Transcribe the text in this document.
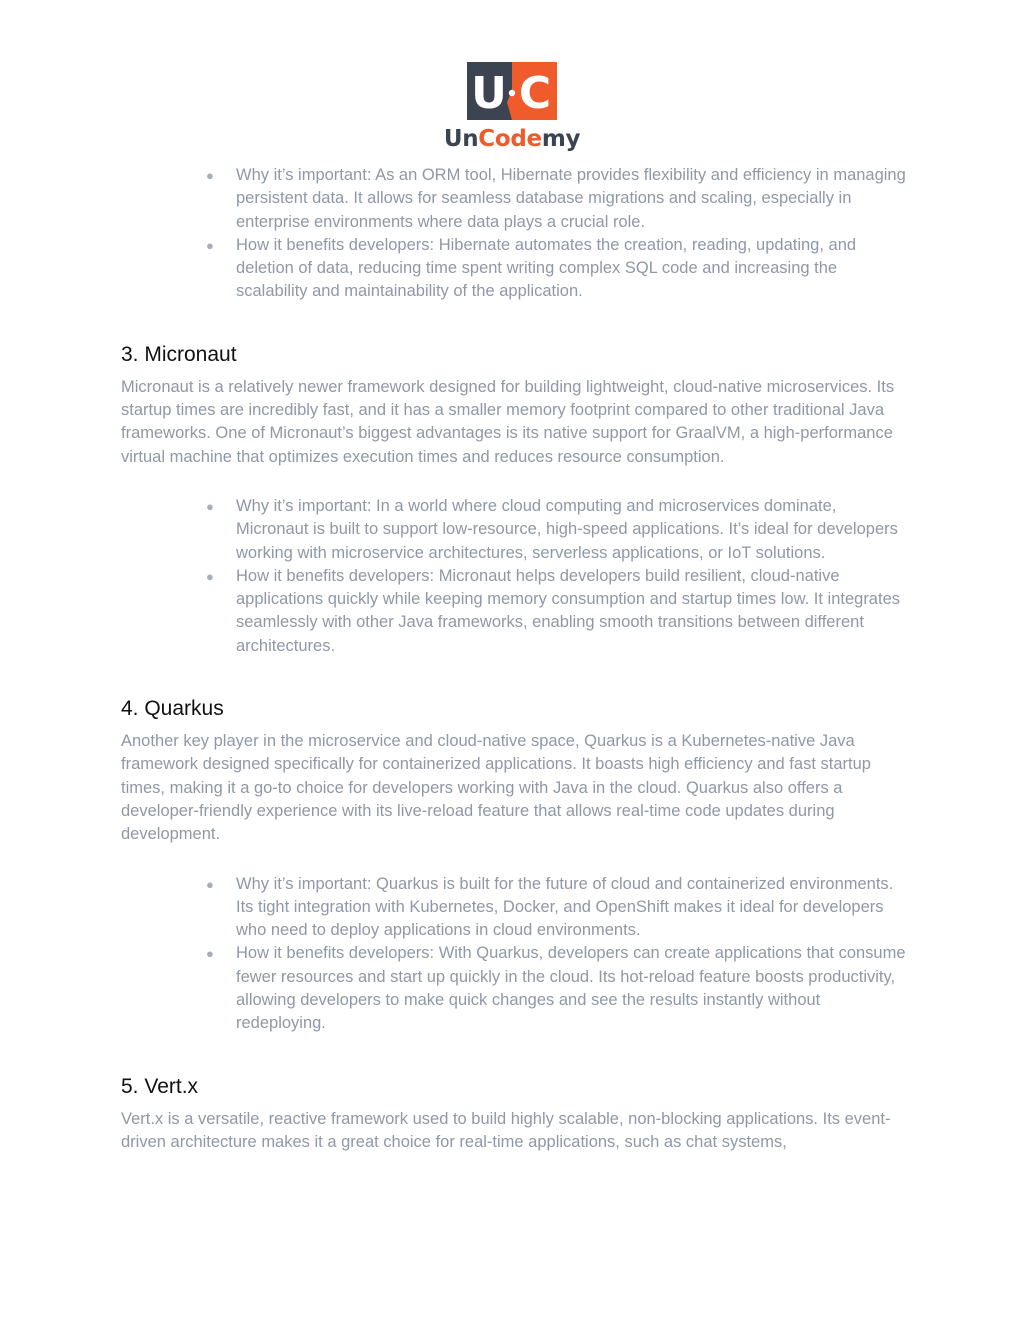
U C
UnCodemy
● Why it’s important: As an ORM tool, Hibernate provides flexibility and efficiency in managing persistent data. It allows for seamless database migrations and scaling, especially in enterprise environments where data plays a crucial role.
● How it benefits developers: Hibernate automates the creation, reading, updating, and deletion of data, reducing time spent writing complex SQL code and increasing the scalability and maintainability of the application.
3. Micronaut

Micronaut is a relatively newer framework designed for building lightweight, cloud-native microservices. Its startup times are incredibly fast, and it has a smaller memory footprint compared to other traditional Java frameworks. One of Micronaut’s biggest advantages is its native support for GraalVM, a high-performance virtual machine that optimizes execution times and reduces resource consumption.

● Why it’s important: In a world where cloud computing and microservices dominate, Micronaut is built to support low-resource, high-speed applications. It’s ideal for developers working with microservice architectures, serverless applications, or IoT solutions.
● How it benefits developers: Micronaut helps developers build resilient, cloud-native applications quickly while keeping memory consumption and startup times low. It integrates seamlessly with other Java frameworks, enabling smooth transitions between different architectures.
4. Quarkus

Another key player in the microservice and cloud-native space, Quarkus is a Kubernetes-native Java framework designed specifically for containerized applications. It boasts high efficiency and fast startup times, making it a go-to choice for developers working with Java in the cloud. Quarkus also offers a developer-friendly experience with its live-reload feature that allows real-time code updates during development.

● Why it’s important: Quarkus is built for the future of cloud and containerized environments. Its tight integration with Kubernetes, Docker, and OpenShift makes it ideal for developers who need to deploy applications in cloud environments.
● How it benefits developers: With Quarkus, developers can create applications that consume fewer resources and start up quickly in the cloud. Its hot-reload feature boosts productivity, allowing developers to make quick changes and see the results instantly without redeploying.
5. Vert.x

Vert.x is a versatile, reactive framework used to build highly scalable, non-blocking applications. Its event-driven architecture makes it a great choice for real-time applications, such as chat systems,
